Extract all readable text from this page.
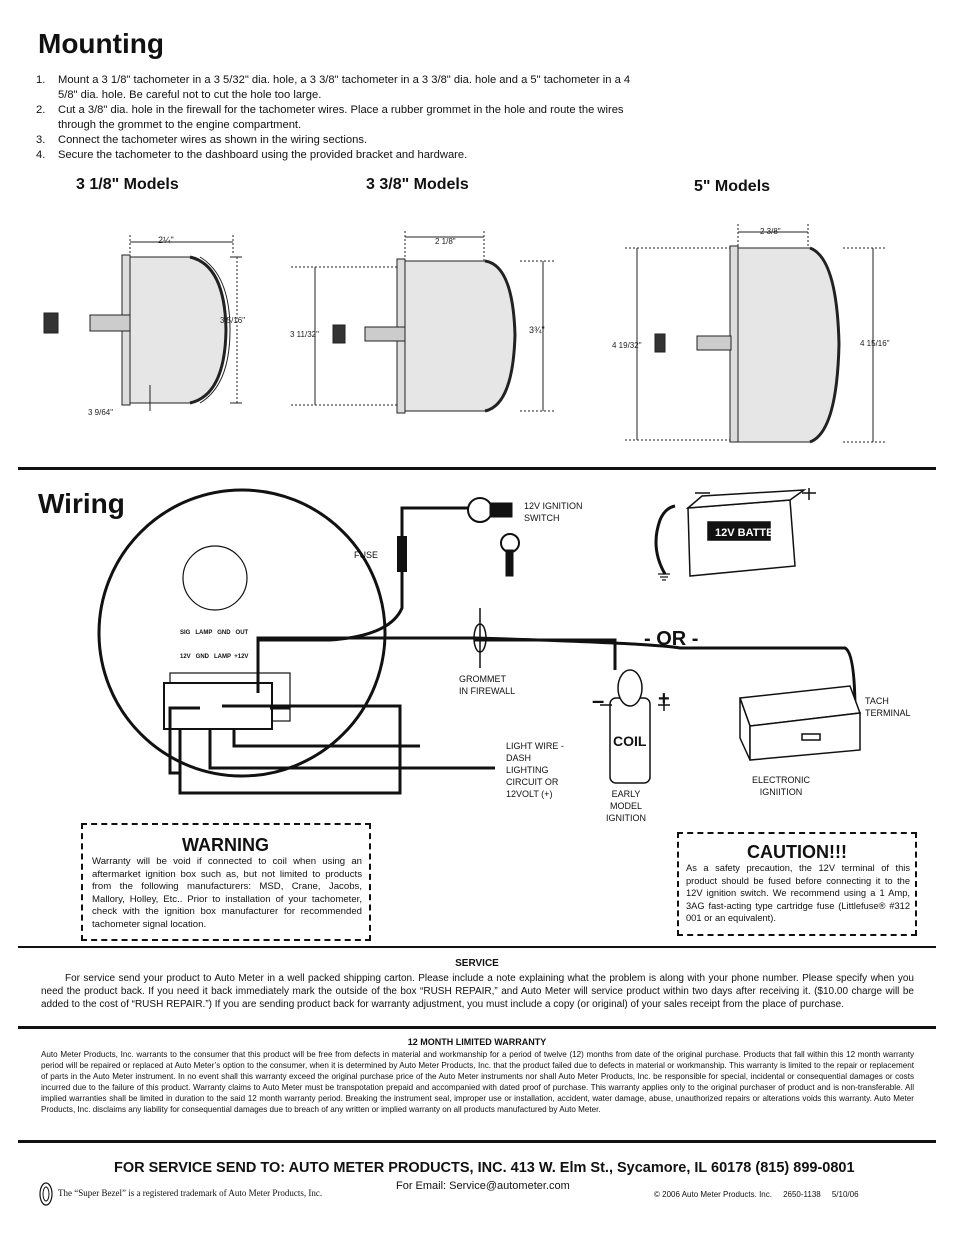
Mounting
1. Mount a 3 1/8" tachometer in a 3 5/32" dia. hole, a 3 3/8" tachometer in a 3 3/8" dia. hole and a 5" tachometer in a 4 5/8" dia. hole. Be careful not to cut the hole too large.
2. Cut a 3/8" dia. hole in the firewall for the tachometer wires. Place a rubber grommet in the hole and route the wires through the grommet to the engine compartment.
3. Connect the tachometer wires as shown in the wiring sections.
4. Secure the tachometer to the dashboard using the provided bracket and hardware.
3 1/8" Models	3 3/8" Models	5" Models
2¼"
3 5/16"
3 9/64"
2 1/8"
3 11/32"	3¾"
2 3/8"
4 19/32"	4 15/16"
Wiring
SIG   LAMP   GND   OUT
12V   GND   LAMP  +12V
12V BATTERY
COIL
- OR -
12V IGNITION
SWITCH
FUSE
GROMMET
IN FIREWALL
TACH
TERMINAL
ELECTRONIC
IGNIITION
EARLY
MODEL
IGNITION
LIGHT WIRE -
DASH
LIGHTING
CIRCUIT OR
12VOLT (+)
–	+
WARNING
Warranty will be void if connected to coil when using an aftermarket ignition box such as, but not limited to products from the following manufacturers: MSD, Crane, Jacobs, Mallory, Holley, Etc.. Prior to installation of your tachometer, check with the ignition box manufacturer for recommended tachometer signal location.
CAUTION!!!
As a safety precaution, the 12V terminal of this product should be fused before connecting it to the 12V ignition switch. We recommend using a 1 Amp, 3AG fast-acting type cartridge fuse (Littlefuse® #312 001 or an equivalent).
SERVICE
For service send your product to Auto Meter in a well packed shipping carton. Please include a note explaining what the problem is along with your phone number. Please specify when you need the product back. If you need it back immediately mark the outside of the box “RUSH REPAIR,” and Auto Meter will service product within two days after receiving it. ($10.00 charge will be added to the cost of “RUSH REPAIR.”) If you are sending product back for warranty adjustment, you must include a copy (or original) of your sales receipt from the place of purchase.
12 MONTH LIMITED WARRANTY
Auto Meter Products, Inc. warrants to the consumer that this product will be free from defects in material and workmanship for a period of twelve (12) months from date of the original purchase. Products that fall within this 12 month warranty period will be repaired or replaced at Auto Meter’s option to the consumer, when it is determined by Auto Meter Products, Inc. that the product failed due to defects in material or workmanship. This warranty is limited to the repair or replacement of parts in the Auto Meter instrument. In no event shall this warranty exceed the original purchase price of the Auto Meter instruments nor shall Auto Meter Products, Inc. be responsible for special, incidental or consequential damages or costs incurred due to the failure of this product. Warranty claims to Auto Meter must be transpotation prepaid and accompanied with dated proof of purchase. This warranty applies only to the original purchaser of product and is non-transferable. All implied warranties shall be limited in duration to the said 12 month warranty period. Breaking the instrument seal, improper use or installation, accident, water damage, abuse, unauthorized repairs or alterations voids this warranty. Auto Meter Products, Inc. disclaims any liability for consequential damages due to breach of any written or implied warranty on all products manufactured by Auto Meter.
FOR SERVICE SEND TO: AUTO METER PRODUCTS, INC. 413 W. Elm St., Sycamore, IL 60178 (815) 899-0801
For Email: Service@autometer.com
The “Super Bezel” is a registered trademark of Auto Meter Products, Inc.	© 2006 Auto Meter Products. Inc.     2650-1138     5/10/06
